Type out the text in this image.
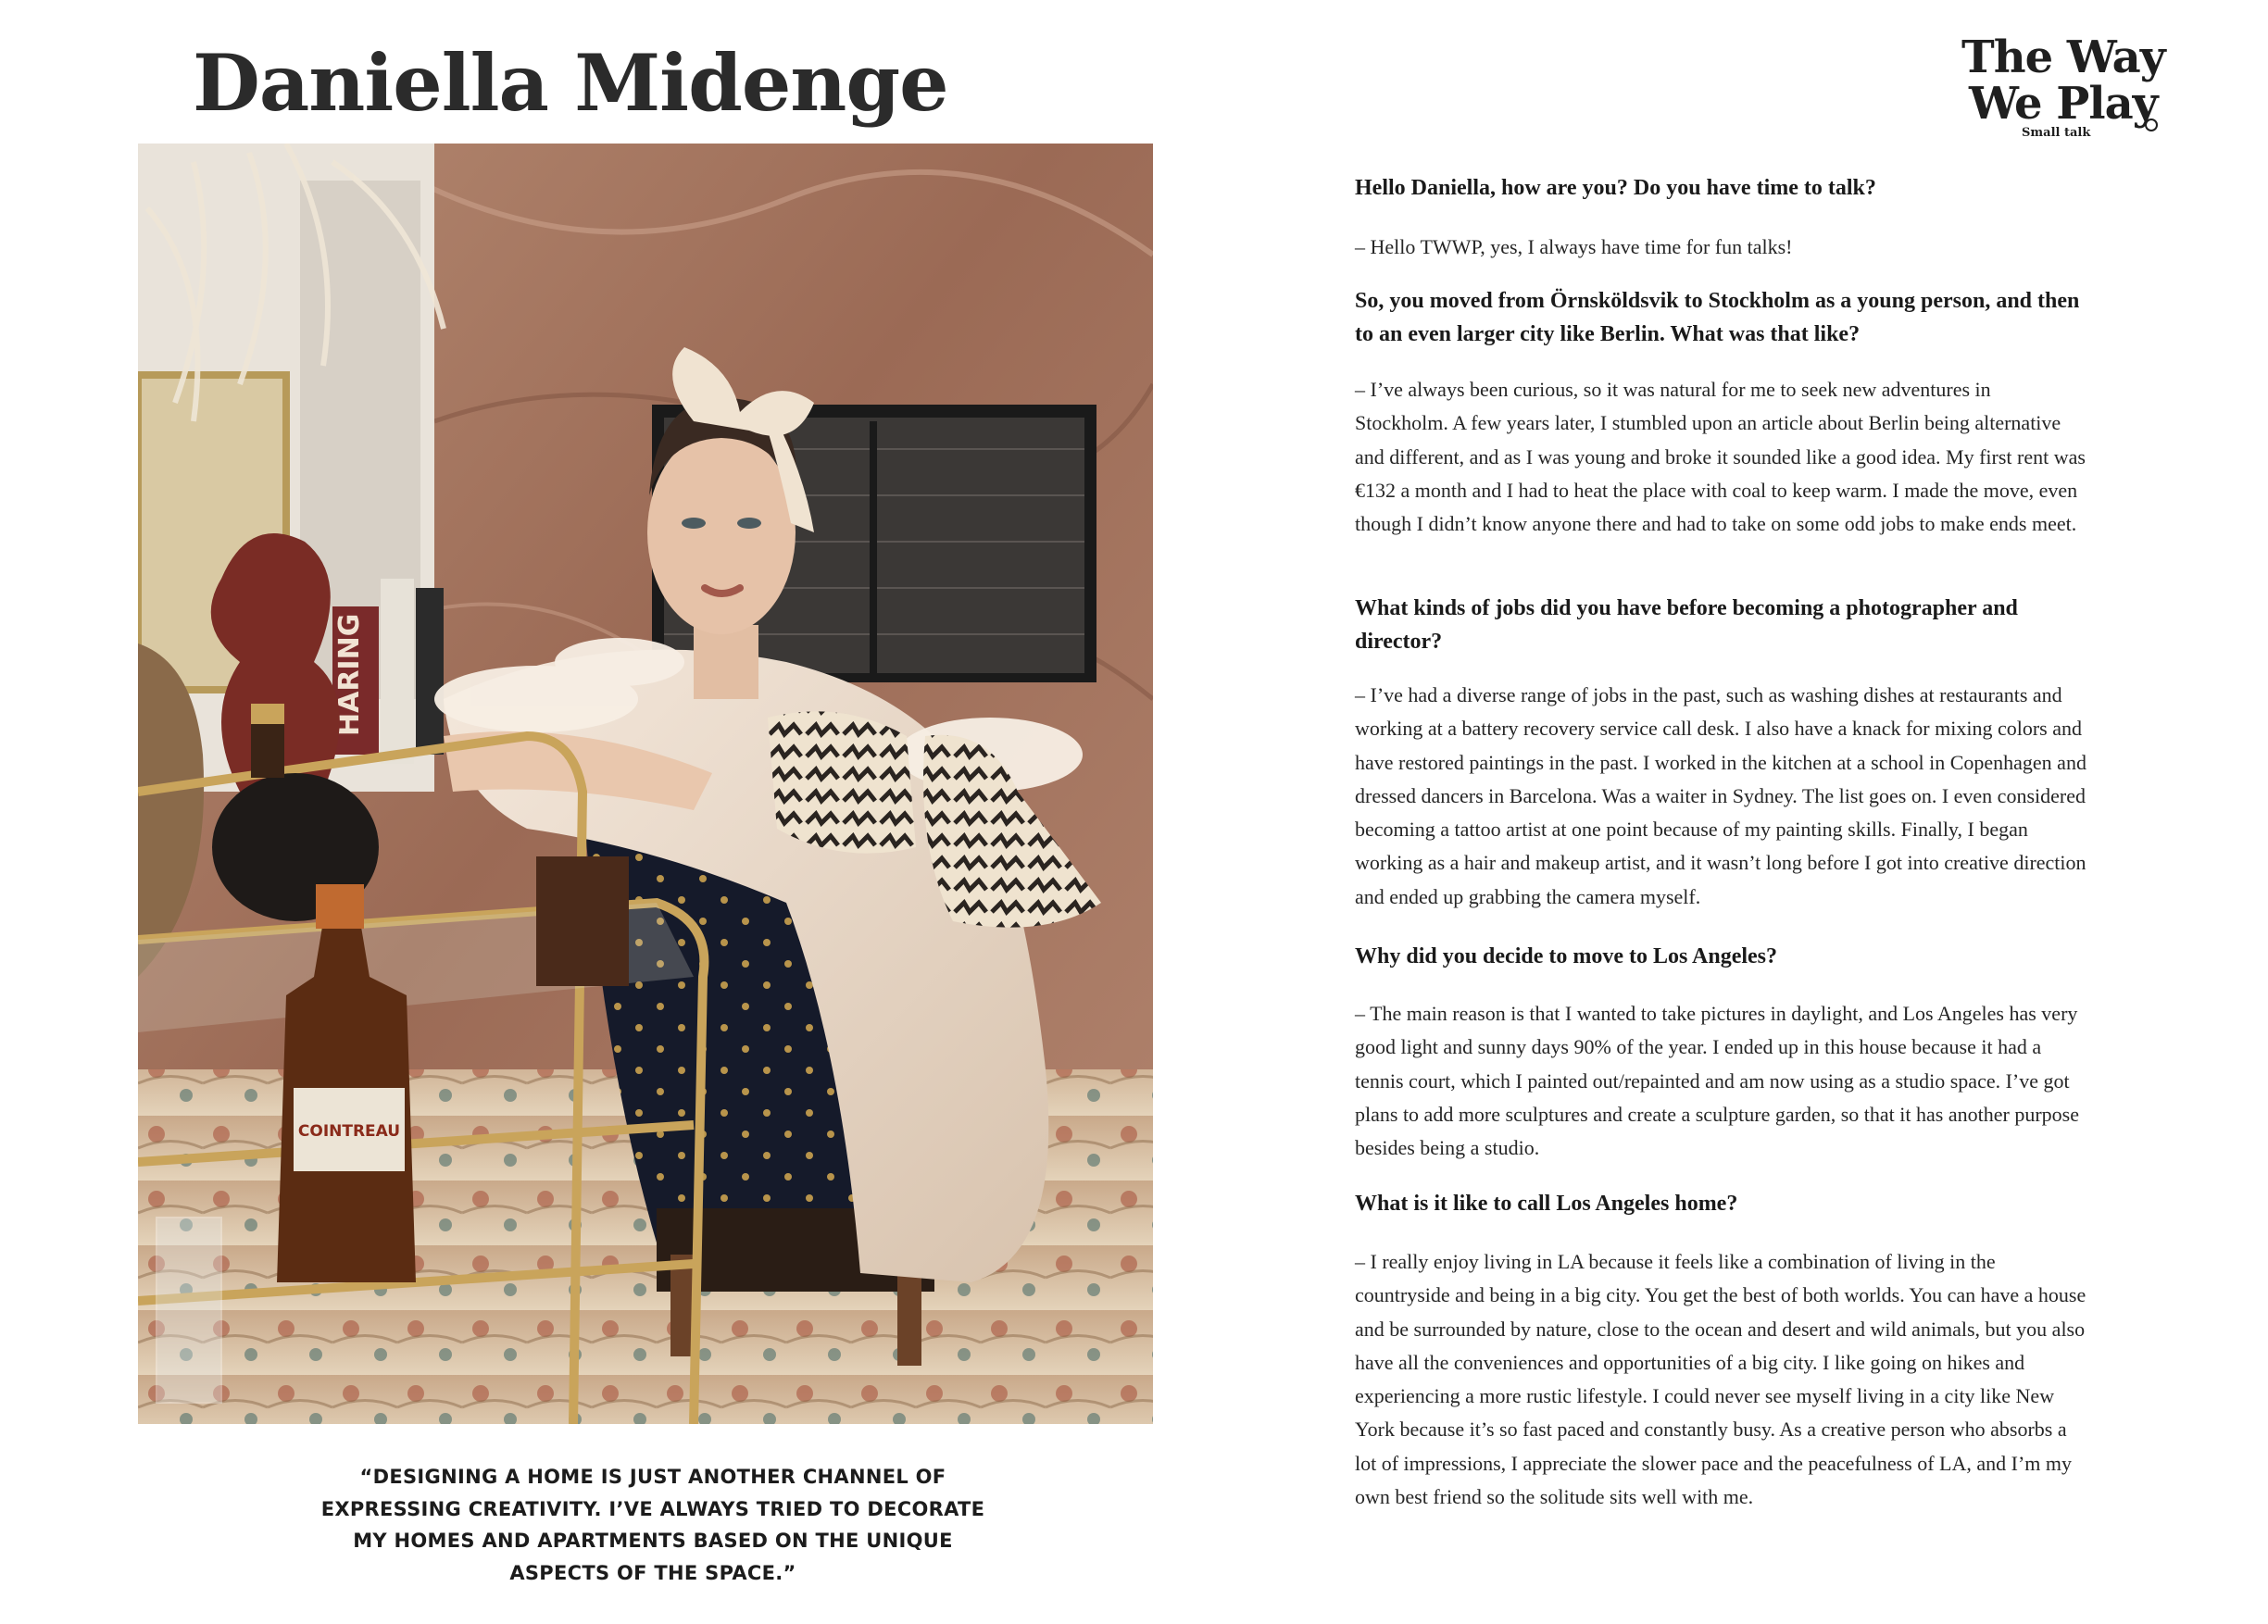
Daniella Midenge	The Way
We Play
Small talk
HARING
COINTREAU

“DESIGNING A HOME IS JUST ANOTHER CHANNEL OF EXPRESSING CREATIVITY. I’VE ALWAYS TRIED TO DECORATE MY HOMES AND APARTMENTS BASED ON THE UNIQUE ASPECTS OF THE SPACE.”

Hello Daniella, how are you? Do you have time to talk?

– Hello TWWP, yes, I always have time for fun talks!

So, you moved from Örnsköldsvik to Stockholm as a young person, and then to an even larger city like Berlin. What was that like?

– I’ve always been curious, so it was natural for me to seek new adventures in Stockholm. A few years later, I stumbled upon an article about Berlin being alternative and different, and as I was young and broke it sounded like a good idea. My first rent was €132 a month and I had to heat the place with coal to keep warm. I made the move, even though I didn’t know anyone there and had to take on some odd jobs to make ends meet.

What kinds of jobs did you have before becoming a photographer and director?

– I’ve had a diverse range of jobs in the past, such as washing dishes at restaurants and working at a battery recovery service call desk. I also have a knack for mixing colors and have restored paintings in the past. I worked in the kitchen at a school in Copenhagen and dressed dancers in Barcelona. Was a waiter in Sydney. The list goes on. I even considered becoming a tattoo artist at one point because of my painting skills. Finally, I began working as a hair and makeup artist, and it wasn’t long before I got into creative direction and ended up grabbing the camera myself.

Why did you decide to move to Los Angeles?

– The main reason is that I wanted to take pictures in daylight, and Los Angeles has very good light and sunny days 90% of the year. I ended up in this house because it had a tennis court, which I painted out/repainted and am now using as a studio space. I’ve got plans to add more sculptures and create a sculpture garden, so that it has another purpose besides being a studio.

What is it like to call Los Angeles home?

– I really enjoy living in LA because it feels like a combination of living in the countryside and being in a big city. You get the best of both worlds. You can have a house and be surrounded by nature, close to the ocean and desert and wild animals, but you also have all the conveniences and opportunities of a big city. I like going on hikes and experiencing a more rustic lifestyle. I could never see myself living in a city like New York because it’s so fast paced and constantly busy. As a creative person who absorbs a lot of impressions, I appreciate the slower pace and the peacefulness of LA, and I’m my own best friend so the solitude sits well with me.
